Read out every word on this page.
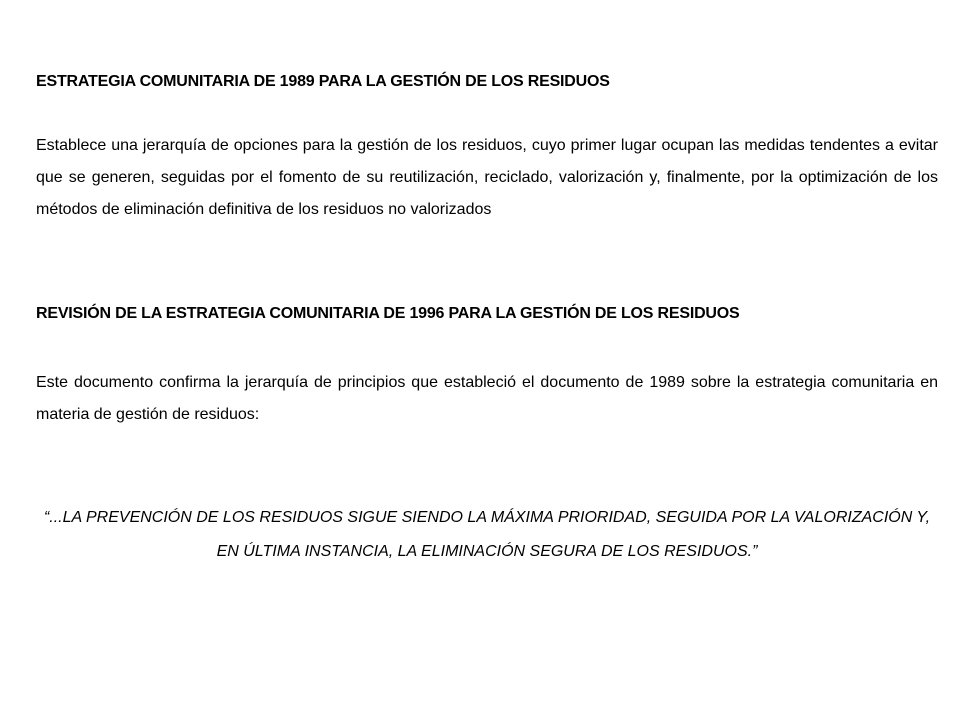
ESTRATEGIA COMUNITARIA DE 1989 PARA LA GESTIÓN DE LOS RESIDUOS
Establece una jerarquía de opciones para la gestión de los residuos, cuyo primer lugar ocupan las medidas tendentes a evitar que se generen, seguidas por el fomento de su reutilización, reciclado, valorización y, finalmente, por la optimización de los métodos de eliminación definitiva de los residuos no valorizados
REVISIÓN DE LA ESTRATEGIA COMUNITARIA DE 1996 PARA LA GESTIÓN DE LOS RESIDUOS
Este documento confirma la jerarquía de principios que estableció el documento de 1989 sobre la estrategia comunitaria en materia de gestión de residuos:
“...LA PREVENCIÓN DE LOS RESIDUOS SIGUE SIENDO LA MÁXIMA PRIORIDAD, SEGUIDA POR LA VALORIZACIÓN Y, EN ÚLTIMA INSTANCIA, LA ELIMINACIÓN SEGURA DE LOS RESIDUOS.”
